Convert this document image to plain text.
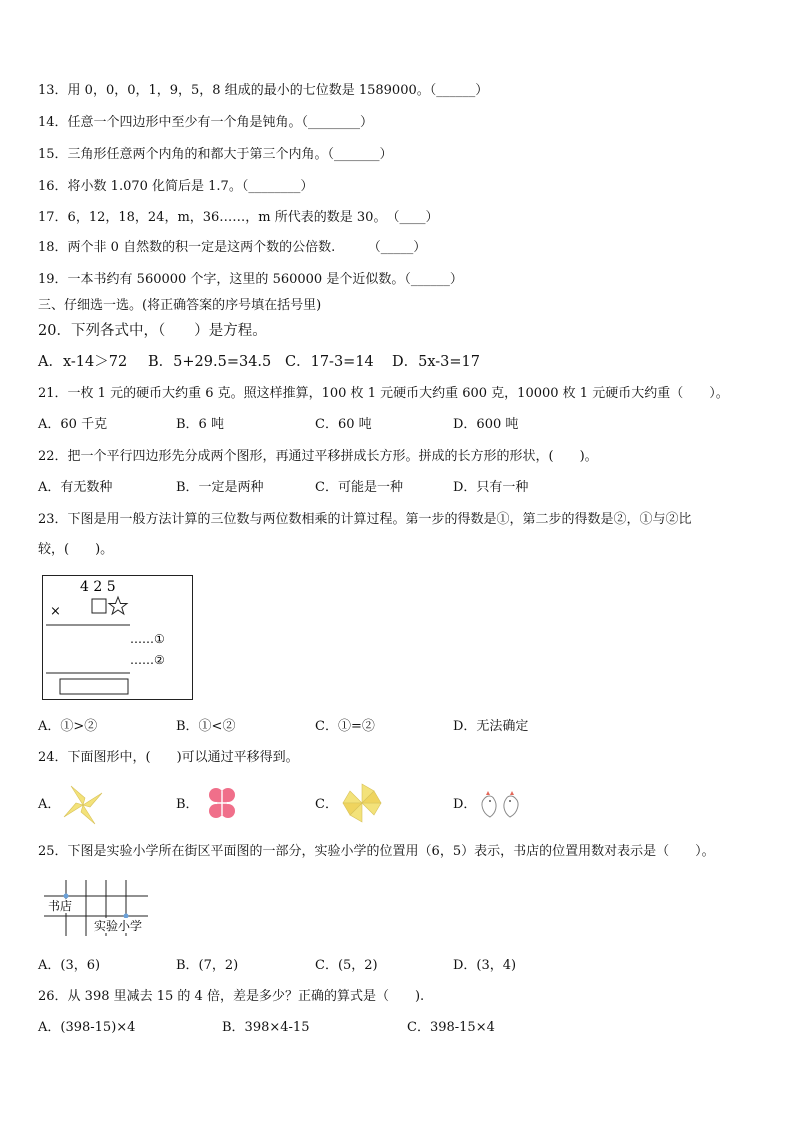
13．用 0，0，0，1，9，5，8 组成的最小的七位数是 1589000。（______）
14．任意一个四边形中至少有一个角是钝角。（________）
15．三角形任意两个内角的和都大于第三个内角。（_______）
16．将小数 1.070 化简后是 1.7。（________）
17．6，12，18，24，m，36……，m 所代表的数是 30。　（____）
18．两个非 0 自然数的积一定是这两个数的公倍数.　　　（_____）
19．一本书约有 560000 个字，这里的 560000 是个近似数。（______）
三、仔细选一选。(将正确答案的序号填在括号里)
20．下列各式中，（　　）是方程。
A．x-14＞72 B．5+29.5=34.5 C．17-3=14 D．5x-3=17
21．一枚 1 元的硬币大约重 6 克。照这样推算，100 枚 1 元硬币大约重 600 克，10000 枚 1 元硬币大约重（　　）。
A．60 千克	B．6 吨	C．60 吨	D．600 吨
22．把一个平行四边形先分成两个图形，再通过平移拼成长方形。拼成的长方形的形状，(　　)。
A．有无数种	B．一定是两种	C．可能是一种	D．只有一种
23．下图是用一般方法计算的三位数与两位数相乘的计算过程。第一步的得数是①，第二步的得数是②，①与②比
较，(　　)。
4 2 5
×
……①
……②
A．①>②	B．①<②	C．①=②	D．无法确定
24．下面图形中，(　　)可以通过平移得到。
A．	B．	C．	D．
25．下图是实验小学所在街区平面图的一部分，实验小学的位置用（6，5）表示，书店的位置用数对表示是（　　）。
书店
实验小学
A．(3，6)	B．(7，2)	C．(5，2)	D．(3，4)
26．从 398 里减去 15 的 4 倍，差是多少？正确的算式是（　　).
A．(398-15)×4	B．398×4-15	C．398-15×4
